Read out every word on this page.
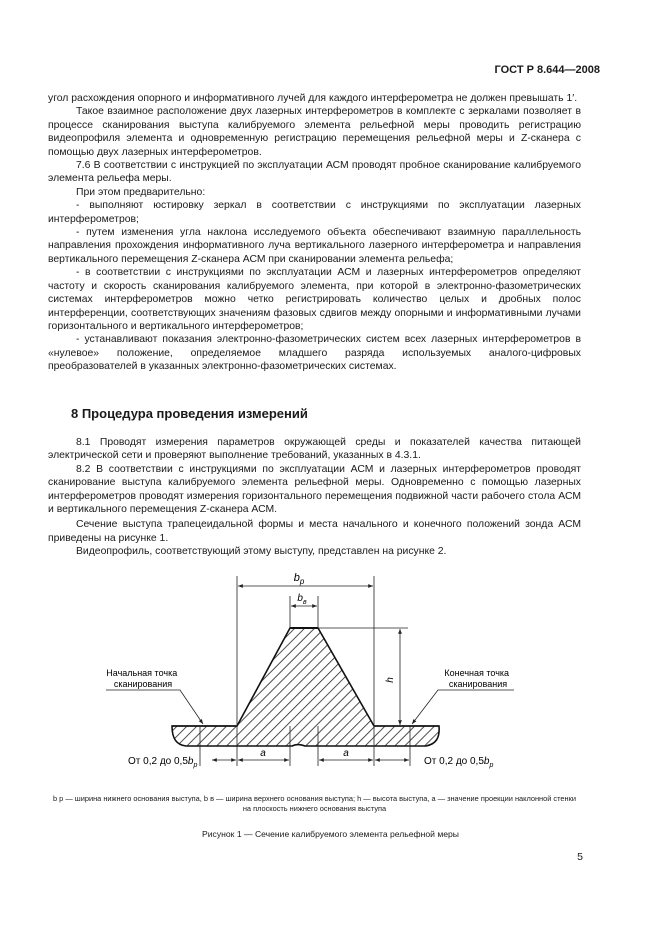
ГОСТ Р 8.644—2008

угол расхождения опорного и информативного лучей для каждого интерферометра не должен превышать 1′.

Такое взаимное расположение двух лазерных интерферометров в комплекте с зеркалами позволяет в процессе сканирования выступа калибруемого элемента рельефной меры проводить регистрацию видеопрофиля элемента и одновременную регистрацию перемещения рельефной меры и Z-сканера с помощью двух лазерных интерферометров.

7.6 В соответствии с инструкцией по эксплуатации АСМ проводят пробное сканирование калибруемого элемента рельефа меры.

При этом предварительно:

- выполняют юстировку зеркал в соответствии с инструкциями по эксплуатации лазерных интерферометров;

- путем изменения угла наклона исследуемого объекта обеспечивают взаимную параллельность направления прохождения информативного луча вертикального лазерного интерферометра и направления вертикального перемещения Z-сканера АСМ при сканировании элемента рельефа;

- в соответствии с инструкциями по эксплуатации АСМ и лазерных интерферометров определяют частоту и скорость сканирования калибруемого элемента, при которой в электронно-фазометрических системах интерферометров можно четко регистрировать количество целых и дробных полос интерференции, соответствующих значениям фазовых сдвигов между опорными и информативными лучами горизонтального и вертикального интерферометров;

- устанавливают показания электронно-фазометрических систем всех лазерных интерферометров в «нулевое» положение, определяемое младшего разряда используемых аналого-цифровых преобразователей в указанных электронно-фазометрических системах.

8 Процедура проведения измерений

8.1 Проводят измерения параметров окружающей среды и показателей качества питающей электрической сети и проверяют выполнение требований, указанных в 4.3.1.

8.2 В соответствии с инструкциями по эксплуатации АСМ и лазерных интерферометров проводят сканирование выступа калибруемого элемента рельефной меры. Одновременно с помощью лазерных интерферометров проводят измерения горизонтального перемещения подвижной части рабочего стола АСМ и вертикального перемещения Z-сканера АСМ.

Сечение выступа трапецеидальной формы и места начального и конечного положений зонда АСМ приведены на рисунке 1.

Видеопрофиль, соответствующий этому выступу, представлен на рисунке 2.

$b_p$
$b_в$
h
a	a
Начальная точка сканирования
Конечная точка сканирования
От 0,2 до $0,5b_p$	От 0,2 до $0,5b_p$
b p — ширина нижнего основания выступа, b в — ширина верхнего основания выступа; h — высота выступа, a — значение проекции наклонной стенки на плоскость нижнего основания выступа
Рисунок 1 — Сечение калибруемого элемента рельефной меры
5
